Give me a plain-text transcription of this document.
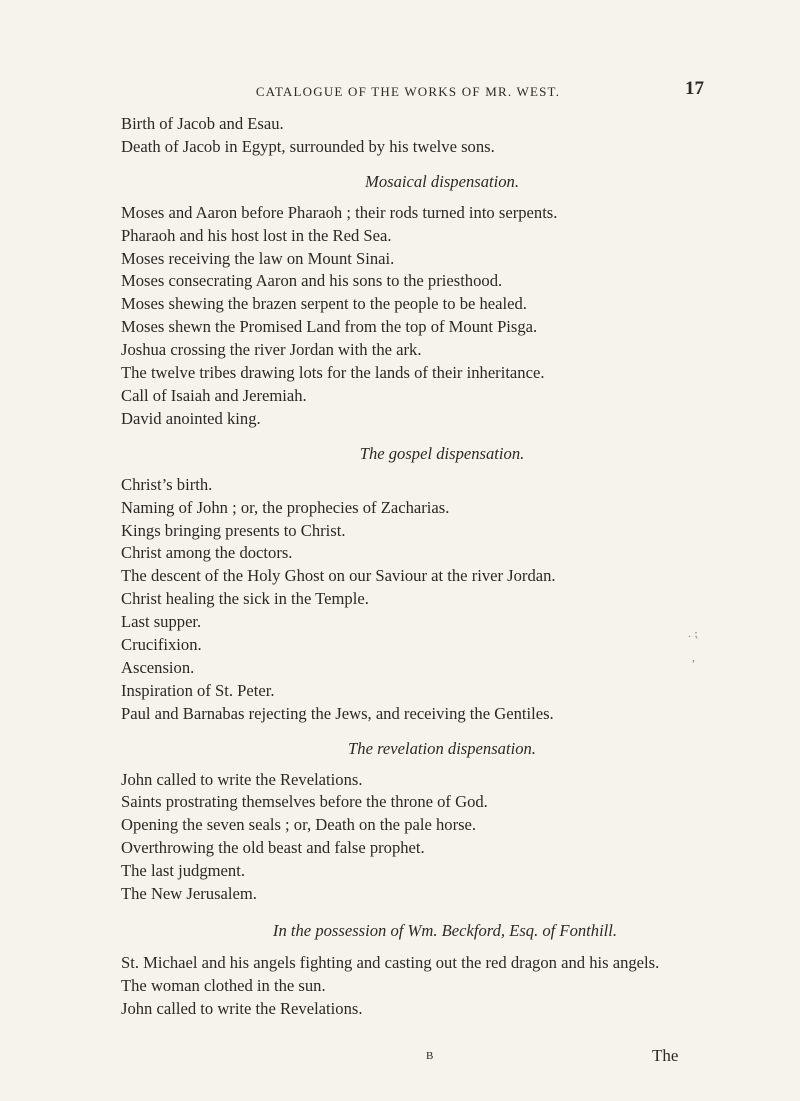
CATALOGUE OF THE WORKS OF MR. WEST.	17
Birth of Jacob and Esau.
Death of Jacob in Egypt, surrounded by his twelve sons.
Mosaical dispensation.
Moses and Aaron before Pharaoh ; their rods turned into serpents.
Pharaoh and his host lost in the Red Sea.
Moses receiving the law on Mount Sinai.
Moses consecrating Aaron and his sons to the priesthood.
Moses shewing the brazen serpent to the people to be healed.
Moses shewn the Promised Land from the top of Mount Pisga.
Joshua crossing the river Jordan with the ark.
The twelve tribes drawing lots for the lands of their inheritance.
Call of Isaiah and Jeremiah.
David anointed king.
The gospel dispensation.
Christ’s birth.
Naming of John ; or, the prophecies of Zacharias.
Kings bringing presents to Christ.
Christ among the doctors.
The descent of the Holy Ghost on our Saviour at the river Jordan.
Christ healing the sick in the Temple.
Last supper.
Crucifixion.
Ascension.
Inspiration of St. Peter.
Paul and Barnabas rejecting the Jews, and receiving the Gentiles.
The revelation dispensation.
John called to write the Revelations.
Saints prostrating themselves before the throne of God.
Opening the seven seals ; or, Death on the pale horse.
Overthrowing the old beast and false prophet.
The last judgment.
The New Jerusalem.
In the possession of Wm. Beckford, Esq. of Fonthill.
St. Michael and his angels fighting and casting out the red dragon and his angels.
The woman clothed in the sun.
John called to write the Revelations.
. ⁏
,
B	The
